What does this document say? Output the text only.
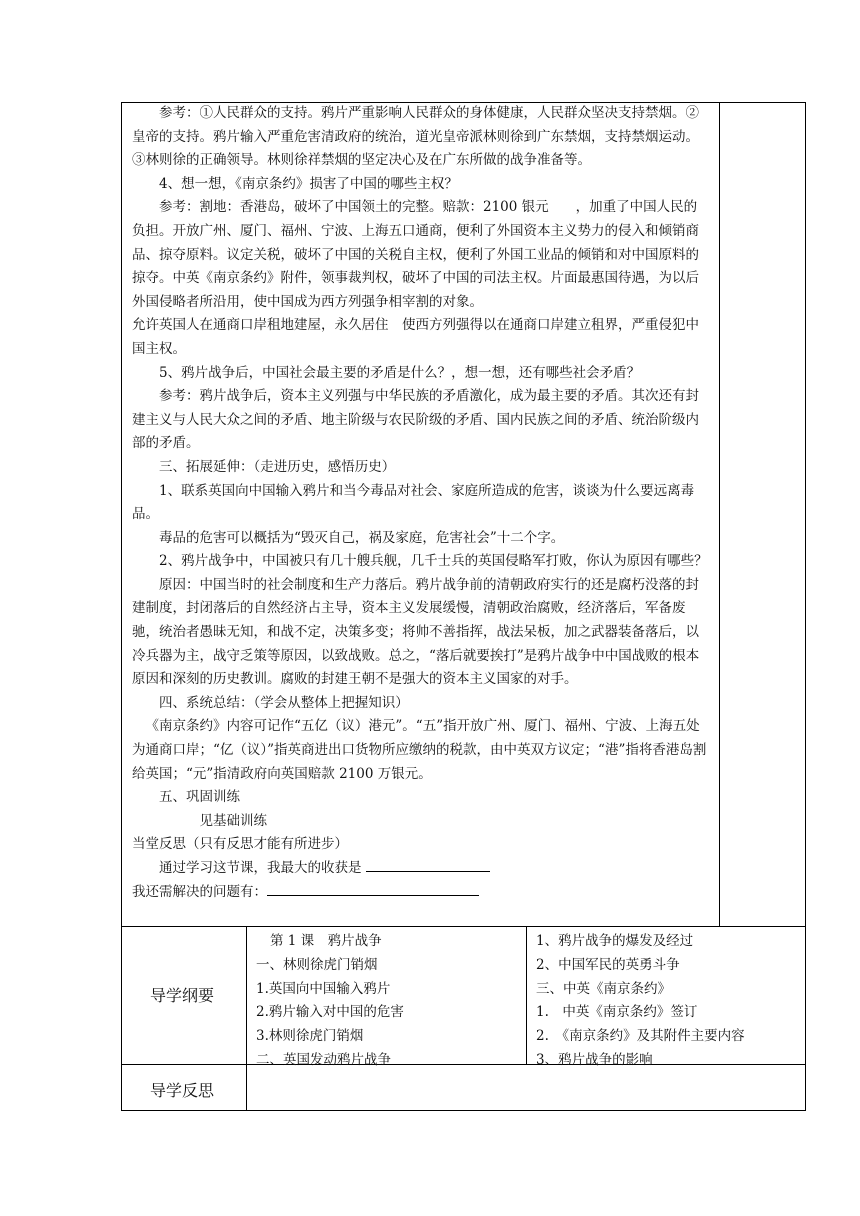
参考：①人民群众的支持。鸦片严重影响人民群众的身体健康，人民群众坚决支持禁烟。②皇帝的支持。鸦片输入严重危害清政府的统治，道光皇帝派林则徐到广东禁烟，支持禁烟运动。③林则徐的正确领导。林则徐祥禁烟的坚定决心及在广东所做的战争准备等。

4、想一想，《南京条约》损害了中国的哪些主权？

参考：割地：香港岛，破坏了中国领土的完整。赔款：2100 银元　　，加重了中国人民的负担。开放广州、厦门、福州、宁波、上海五口通商，便利了外国资本主义势力的侵入和倾销商品、掠夺原料。议定关税，破坏了中国的关税自主权，便利了外国工业品的倾销和对中国原料的掠夺。中英《南京条约》附件，领事裁判权，破坏了中国的司法主权。片面最惠国待遇，为以后外国侵略者所沿用，使中国成为西方列强争相宰割的对象。

允许英国人在通商口岸租地建屋，永久居住　使西方列强得以在通商口岸建立租界，严重侵犯中国主权。

5、鸦片战争后，中国社会最主要的矛盾是什么？，想一想，还有哪些社会矛盾？

参考：鸦片战争后，资本主义列强与中华民族的矛盾激化，成为最主要的矛盾。其次还有封建主义与人民大众之间的矛盾、地主阶级与农民阶级的矛盾、国内民族之间的矛盾、统治阶级内部的矛盾。

三、拓展延伸：（走进历史，感悟历史）

1、联系英国向中国输入鸦片和当今毒品对社会、家庭所造成的危害，谈谈为什么要远离毒品。

毒品的危害可以概括为“毁灭自己，祸及家庭，危害社会”十二个字。

2、鸦片战争中，中国被只有几十艘兵舰，几千士兵的英国侵略军打败，你认为原因有哪些？

原因：中国当时的社会制度和生产力落后。鸦片战争前的清朝政府实行的还是腐朽没落的封建制度，封闭落后的自然经济占主导，资本主义发展缓慢，清朝政治腐败，经济落后，军备废驰，统治者愚昧无知，和战不定，决策多变；将帅不善指挥，战法呆板，加之武器装备落后，以冷兵器为主，战守乏策等原因，以致战败。总之，“落后就要挨打”是鸦片战争中中国战败的根本原因和深刻的历史教训。腐败的封建王朝不是强大的资本主义国家的对手。

四、系统总结：（学会从整体上把握知识）

《南京条约》内容可记作“五亿（议）港元”。“五”指开放广州、厦门、福州、宁波、上海五处为通商口岸；“亿（议）”指英商进出口货物所应缴纳的税款，由中英双方议定；“港”指将香港岛割给英国；“元”指清政府向英国赔款 2100 万银元。

五、巩固训练

见基础训练

当堂反思（只有反思才能有所进步）

通过学习这节课，我最大的收获是

我还需解决的问题有：

导学纲要

第 1 课　鸦片战争

一、林则徐虎门销烟

1.英国向中国输入鸦片

2.鸦片输入对中国的危害

3.林则徐虎门销烟

二、英国发动鸦片战争

1、鸦片战争的爆发及经过

2、中国军民的英勇斗争

三、中英《南京条约》

1.　中英《南京条约》签订

2.　《南京条约》及其附件主要内容

3、鸦片战争的影响

导学反思
